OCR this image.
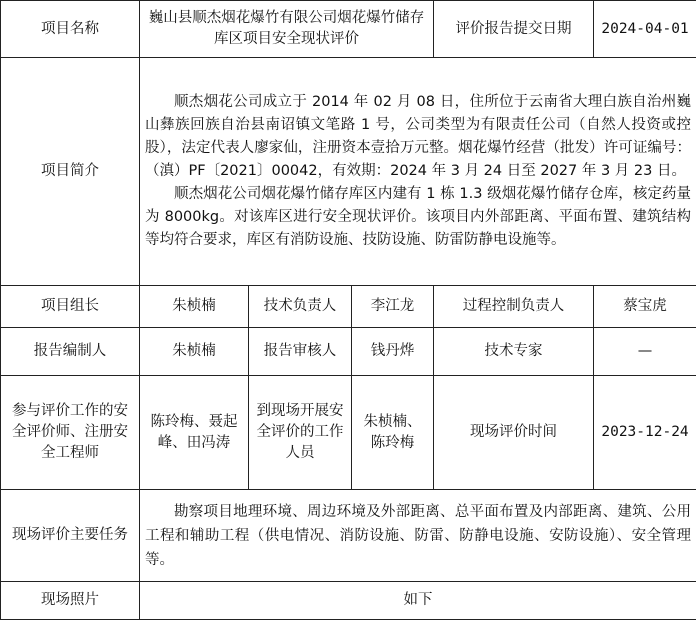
项目名称	巍山县顺杰烟花爆竹有限公司烟花爆竹储存库区项目安全现状评价			评价报告提交日期	2024-04-01
项目简介	顺杰烟花公司成立于 2014 年 02 月 08 日，住所位于云南省大理白族自治州巍山彝族回族自治县南诏镇文笔路 1 号，公司类型为有限责任公司（自然人投资或控股），法定代表人廖家仙，注册资本壹拾万元整。烟花爆竹经营（批发）许可证编号：（滇）PF〔2021〕00042，有效期：2024 年 3 月 24 日至 2027 年 3 月 23 日。

顺杰烟花公司烟花爆竹储存库区内建有 1 栋 1.3 级烟花爆竹储存仓库，核定药量为 8000kg。对该库区进行安全现状评价。该项目内外部距离、平面布置、建筑结构等均符合要求，库区有消防设施、技防设施、防雷防静电设施等。				

项目组长	朱桢楠	技术负责人	李江龙	过程控制负责人	蔡宝虎
报告编制人	朱桢楠	报告审核人	钱丹烨	技术专家	—
参与评价工作的安全评价师、注册安全工程师	陈玲梅、聂起峰、田冯涛	到现场开展安全评价的工作人员	朱桢楠、陈玲梅	现场评价时间	2023-12-24
现场评价主要任务	勘察项目地理环境、周边环境及外部距离、总平面布置及内部距离、建筑、公用工程和辅助工程（供电情况、消防设施、防雷、防静电设施、安防设施）、安全管理等。				

现场照片	如下				
